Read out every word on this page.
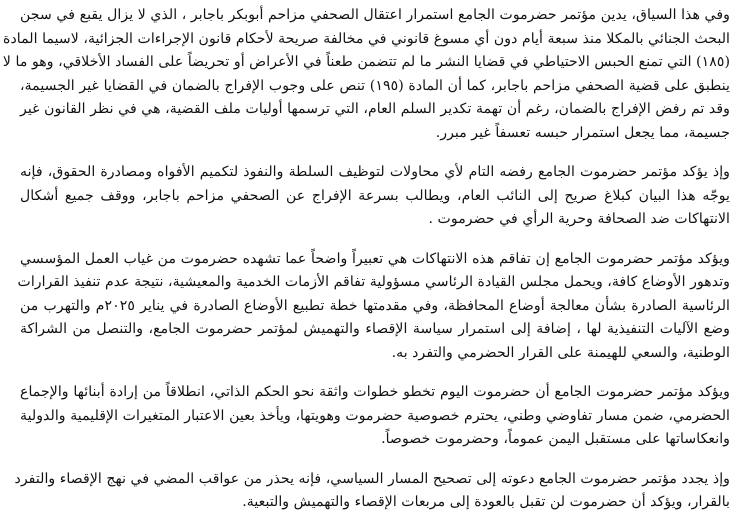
وفي هذا السياق، يدين مؤتمر حضرموت الجامع استمرار اعتقال الصحفي مزاحم أبوبكر باجابر ، الذي لا يزال يقبع في سجن
البحث الجنائي بالمكلا منذ سبعة أيام دون أي مسوغ قانوني في مخالفة صريحة لأحكام قانون الإجراءات الجزائية، لاسيما المادة
(١٨٥) التي تمنع الحبس الاحتياطي في قضايا النشر ما لم تتضمن طعناً في الأعراض أو تحريضاً على الفساد الأخلاقي، وهو ما لا
ينطبق على قضية الصحفي مزاحم باجابر، كما أن المادة (١٩٥) تنص على وجوب الإفراج بالضمان في القضايا غير الجسيمة،
وقد تم رفض الإفراج بالضمان، رغم أن تهمة تكدير السلم العام، التي ترسمها أوليات ملف القضية، هي في نظر القانون غير
جسيمة، مما يجعل استمرار حبسه تعسفاً غير مبرر.
وإذ يؤكد مؤتمر حضرموت الجامع رفضه التام لأي محاولات لتوظيف السلطة والنفوذ لتكميم الأفواه ومصادرة الحقوق، فإنه
يوجّه هذا البيان كبلاغ صريح إلى النائب العام، ويطالب بسرعة الإفراج عن الصحفي مزاحم باجابر، ووقف جميع أشكال
الانتهاكات ضد الصحافة وحرية الرأي في حضرموت .
ويؤكد مؤتمر حضرموت الجامع إن تفاقم هذه الانتهاكات هي تعبيراً واضحاً عما تشهده حضرموت من غياب العمل المؤسسي
وتدهور الأوضاع كافة، ويحمل مجلس القيادة الرئاسي مسؤولية تفاقم الأزمات الخدمية والمعيشية، نتيجة عدم تنفيذ القرارات
الرئاسية الصادرة بشأن معالجة أوضاع المحافظة، وفي مقدمتها خطة تطبيع الأوضاع الصادرة في يناير ٢٠٢٥م والتهرب من
وضع الآليات التنفيذية لها ، إضافة إلى استمرار سياسة الإقصاء والتهميش لمؤتمر حضرموت الجامع، والتنصل من الشراكة
الوطنية، والسعي للهيمنة على القرار الحضرمي والتفرد به.
ويؤكد مؤتمر حضرموت الجامع أن حضرموت اليوم تخطو خطوات واثقة نحو الحكم الذاتي، انطلاقاً من إرادة أبنائها والإجماع
الحضرمي، ضمن مسار تفاوضي وطني، يحترم خصوصية حضرموت وهويتها، ويأخذ بعين الاعتبار المتغيرات الإقليمية والدولية
وانعكاساتها على مستقبل اليمن عموماً، وحضرموت خصوصاً.
وإذ يجدد مؤتمر حضرموت الجامع دعوته إلى تصحيح المسار السياسي، فإنه يحذر من عواقب المضي في نهج الإقصاء والتفرد
بالقرار، ويؤكد أن حضرموت لن تقبل بالعودة إلى مربعات الإقصاء والتهميش والتبعية.
